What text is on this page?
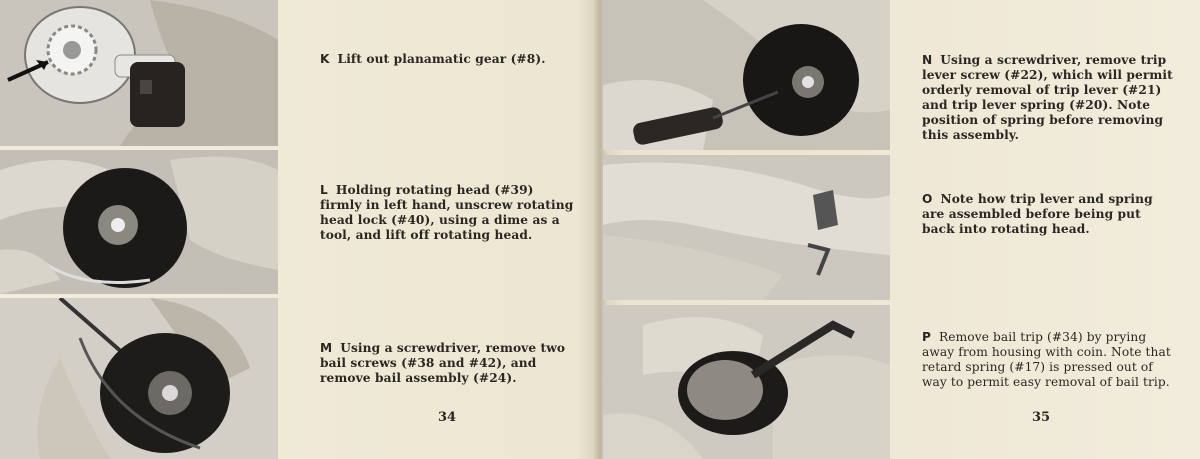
K Lift out planamatic gear (#8).
L Holding rotating head (#39) firmly in left hand, unscrew rotating head lock (#40), using a dime as a tool, and lift off rotating head.
M Using a screwdriver, remove two bail screws (#38 and #42), and remove bail assembly (#24).
34
N Using a screwdriver, remove trip lever screw (#22), which will permit orderly removal of trip lever (#21) and trip lever spring (#20). Note position of spring before removing this assembly.
O Note how trip lever and spring are assembled before being put back into rotating head.
P Remove bail trip (#34) by prying away from housing with coin. Note that retard spring (#17) is pressed out of way to permit easy removal of bail trip.
35
